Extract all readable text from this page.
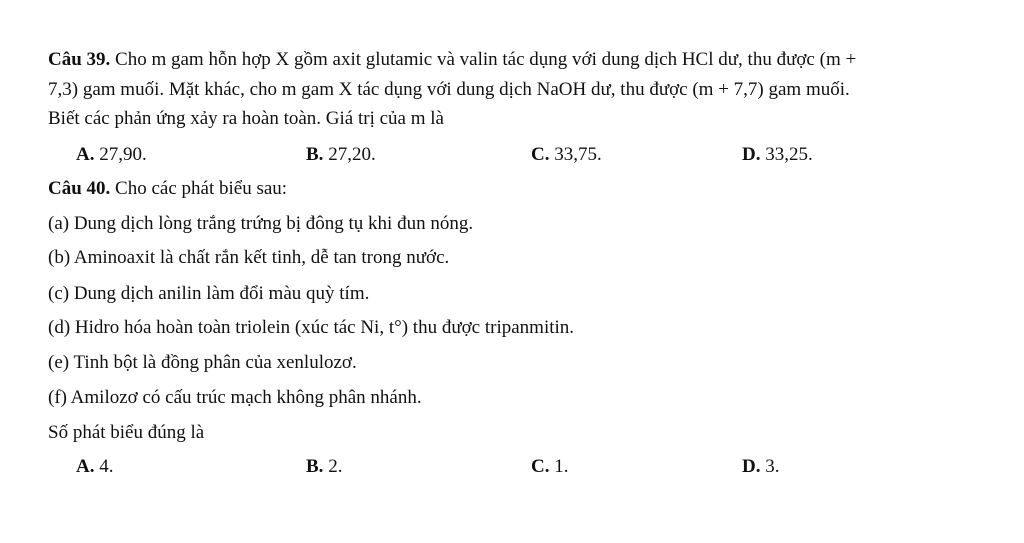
Câu 39. Cho m gam hỗn hợp X gồm axit glutamic và valin tác dụng với dung dịch HCl dư, thu được (m +
7,3) gam muối. Mặt khác, cho m gam X tác dụng với dung dịch NaOH dư, thu được (m + 7,7) gam muối.
Biết các phản ứng xảy ra hoàn toàn. Giá trị của m là
A. 27,90.	B. 27,20.	C. 33,75.	D. 33,25.
Câu 40. Cho các phát biểu sau:
(a) Dung dịch lòng trắng trứng bị đông tụ khi đun nóng.
(b) Aminoaxit là chất rắn kết tinh, dễ tan trong nước.
(c) Dung dịch anilin làm đổi màu quỳ tím.
(d) Hidro hóa hoàn toàn triolein (xúc tác Ni, t°) thu được tripanmitin.
(e) Tinh bột là đồng phân của xenlulozơ.
(f) Amilozơ có cấu trúc mạch không phân nhánh.
Số phát biểu đúng là
A. 4.	B. 2.	C. 1.	D. 3.
